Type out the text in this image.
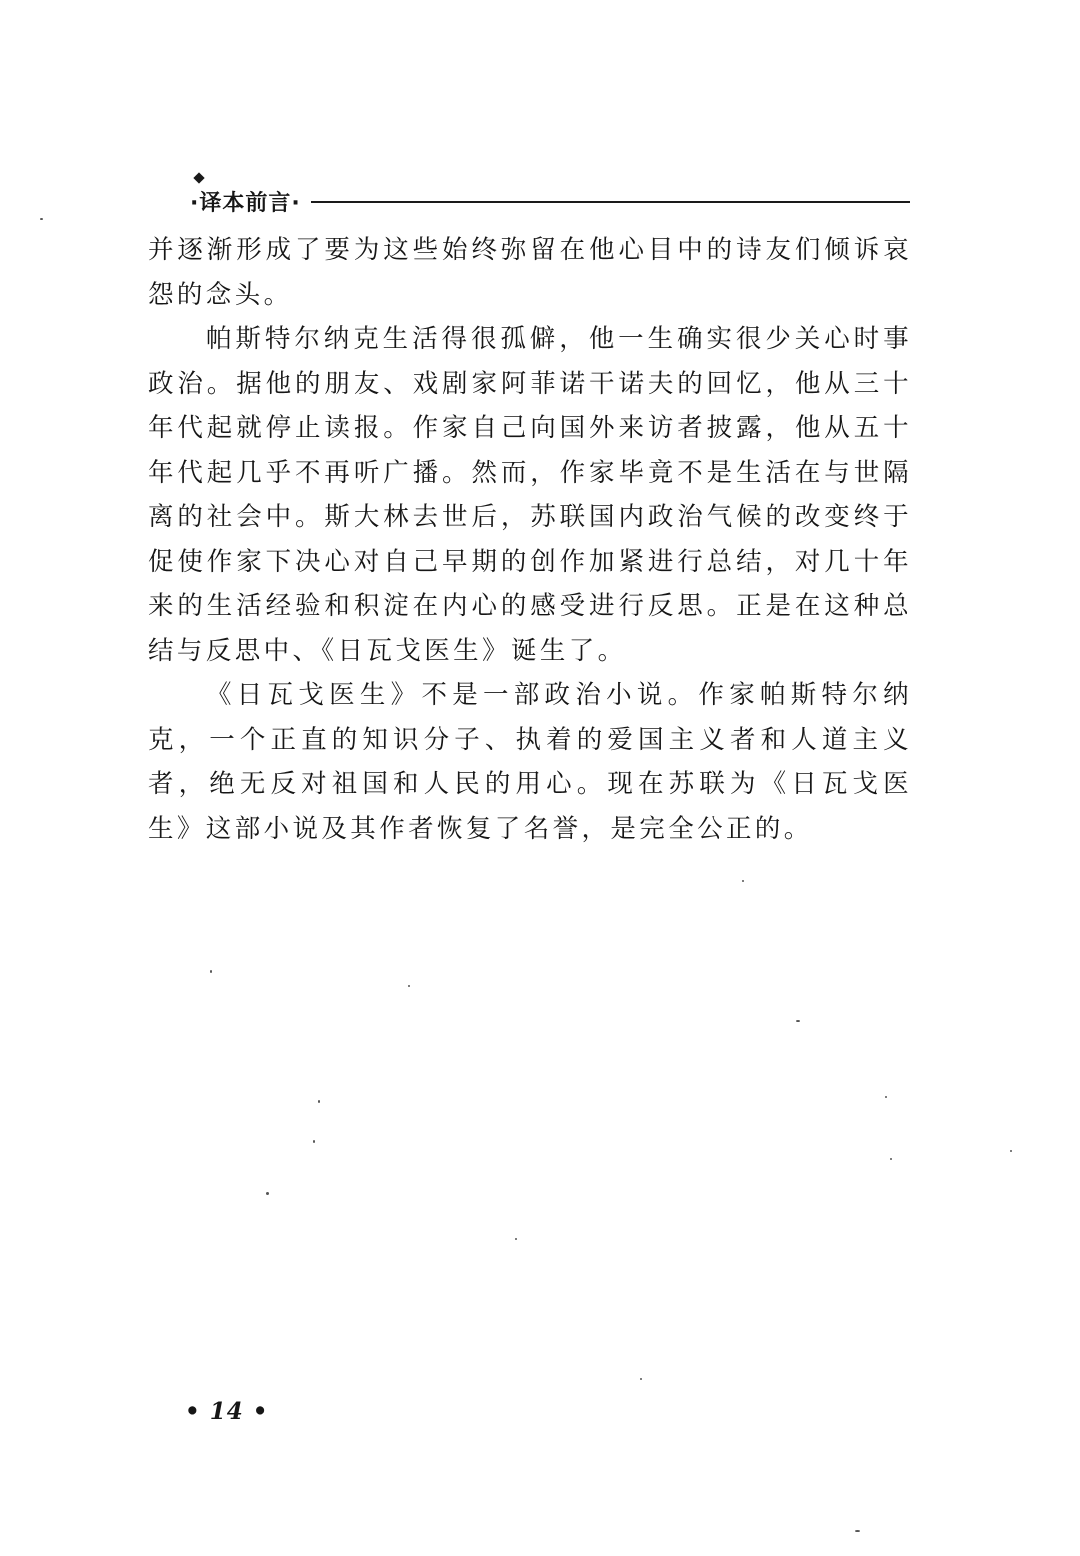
·译本前言·

并逐渐形成了要为这些始终弥留在他心目中的诗友们倾诉哀怨的念头。

帕斯特尔纳克生活得很孤僻，他一生确实很少关心时事政治。据他的朋友、戏剧家阿菲诺干诺夫的回忆，他从三十年代起就停止读报。作家自己向国外来访者披露，他从五十年代起几乎不再听广播。然而，作家毕竟不是生活在与世隔离的社会中。斯大林去世后，苏联国内政治气候的改变终于促使作家下决心对自己早期的创作加紧进行总结，对几十年来的生活经验和积淀在内心的感受进行反思。正是在这种总结与反思中、《日瓦戈医生》诞生了。

《日瓦戈医生》不是一部政治小说。作家帕斯特尔纳克，一个正直的知识分子、执着的爱国主义者和人道主义者，绝无反对祖国和人民的用心。现在苏联为《日瓦戈医生》这部小说及其作者恢复了名誉，是完全公正的。

• 14 •
